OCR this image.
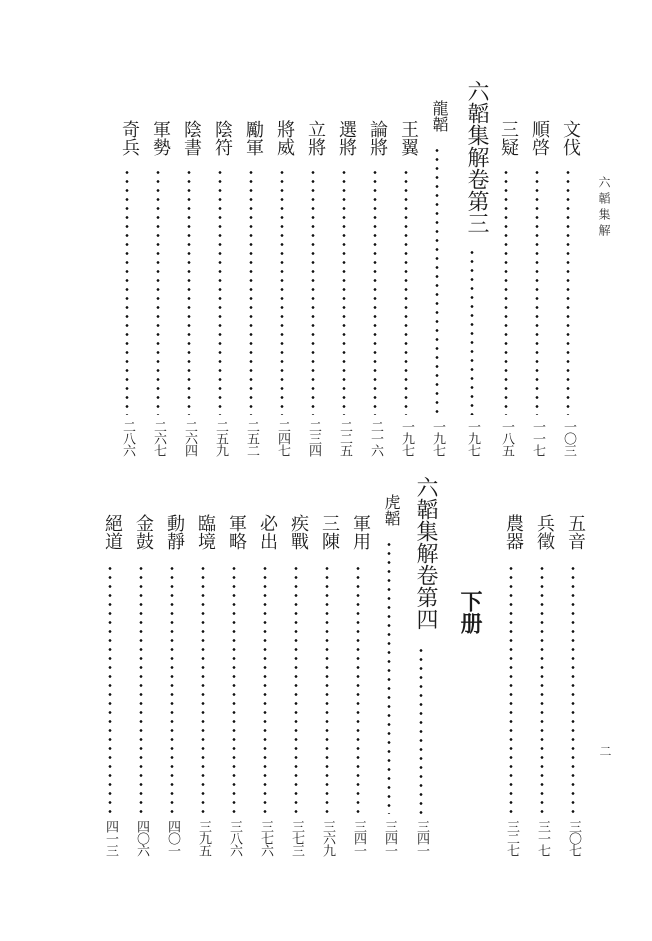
六韜集解
二
下册
文伐
一〇三
順啓
一一七
三疑
一八五
六韜集解卷第三
一九七
龍韜
一九七
王翼
一九七
論將
二一六
選將
二二五
立將
二三四
將威
二四七
勵軍
二五二
陰符
二五九
陰書
二六四
軍勢
二六七
奇兵
二八六
五音
三〇七
兵徵
三一七
農器
三二七
六韜集解卷第四
三四一
虎韜
三四一
軍用
三四一
三陳
三六九
疾戰
三七三
必出
三七六
軍略
三八六
臨境
三九五
動靜
四〇一
金鼓
四〇六
絕道
四一三
